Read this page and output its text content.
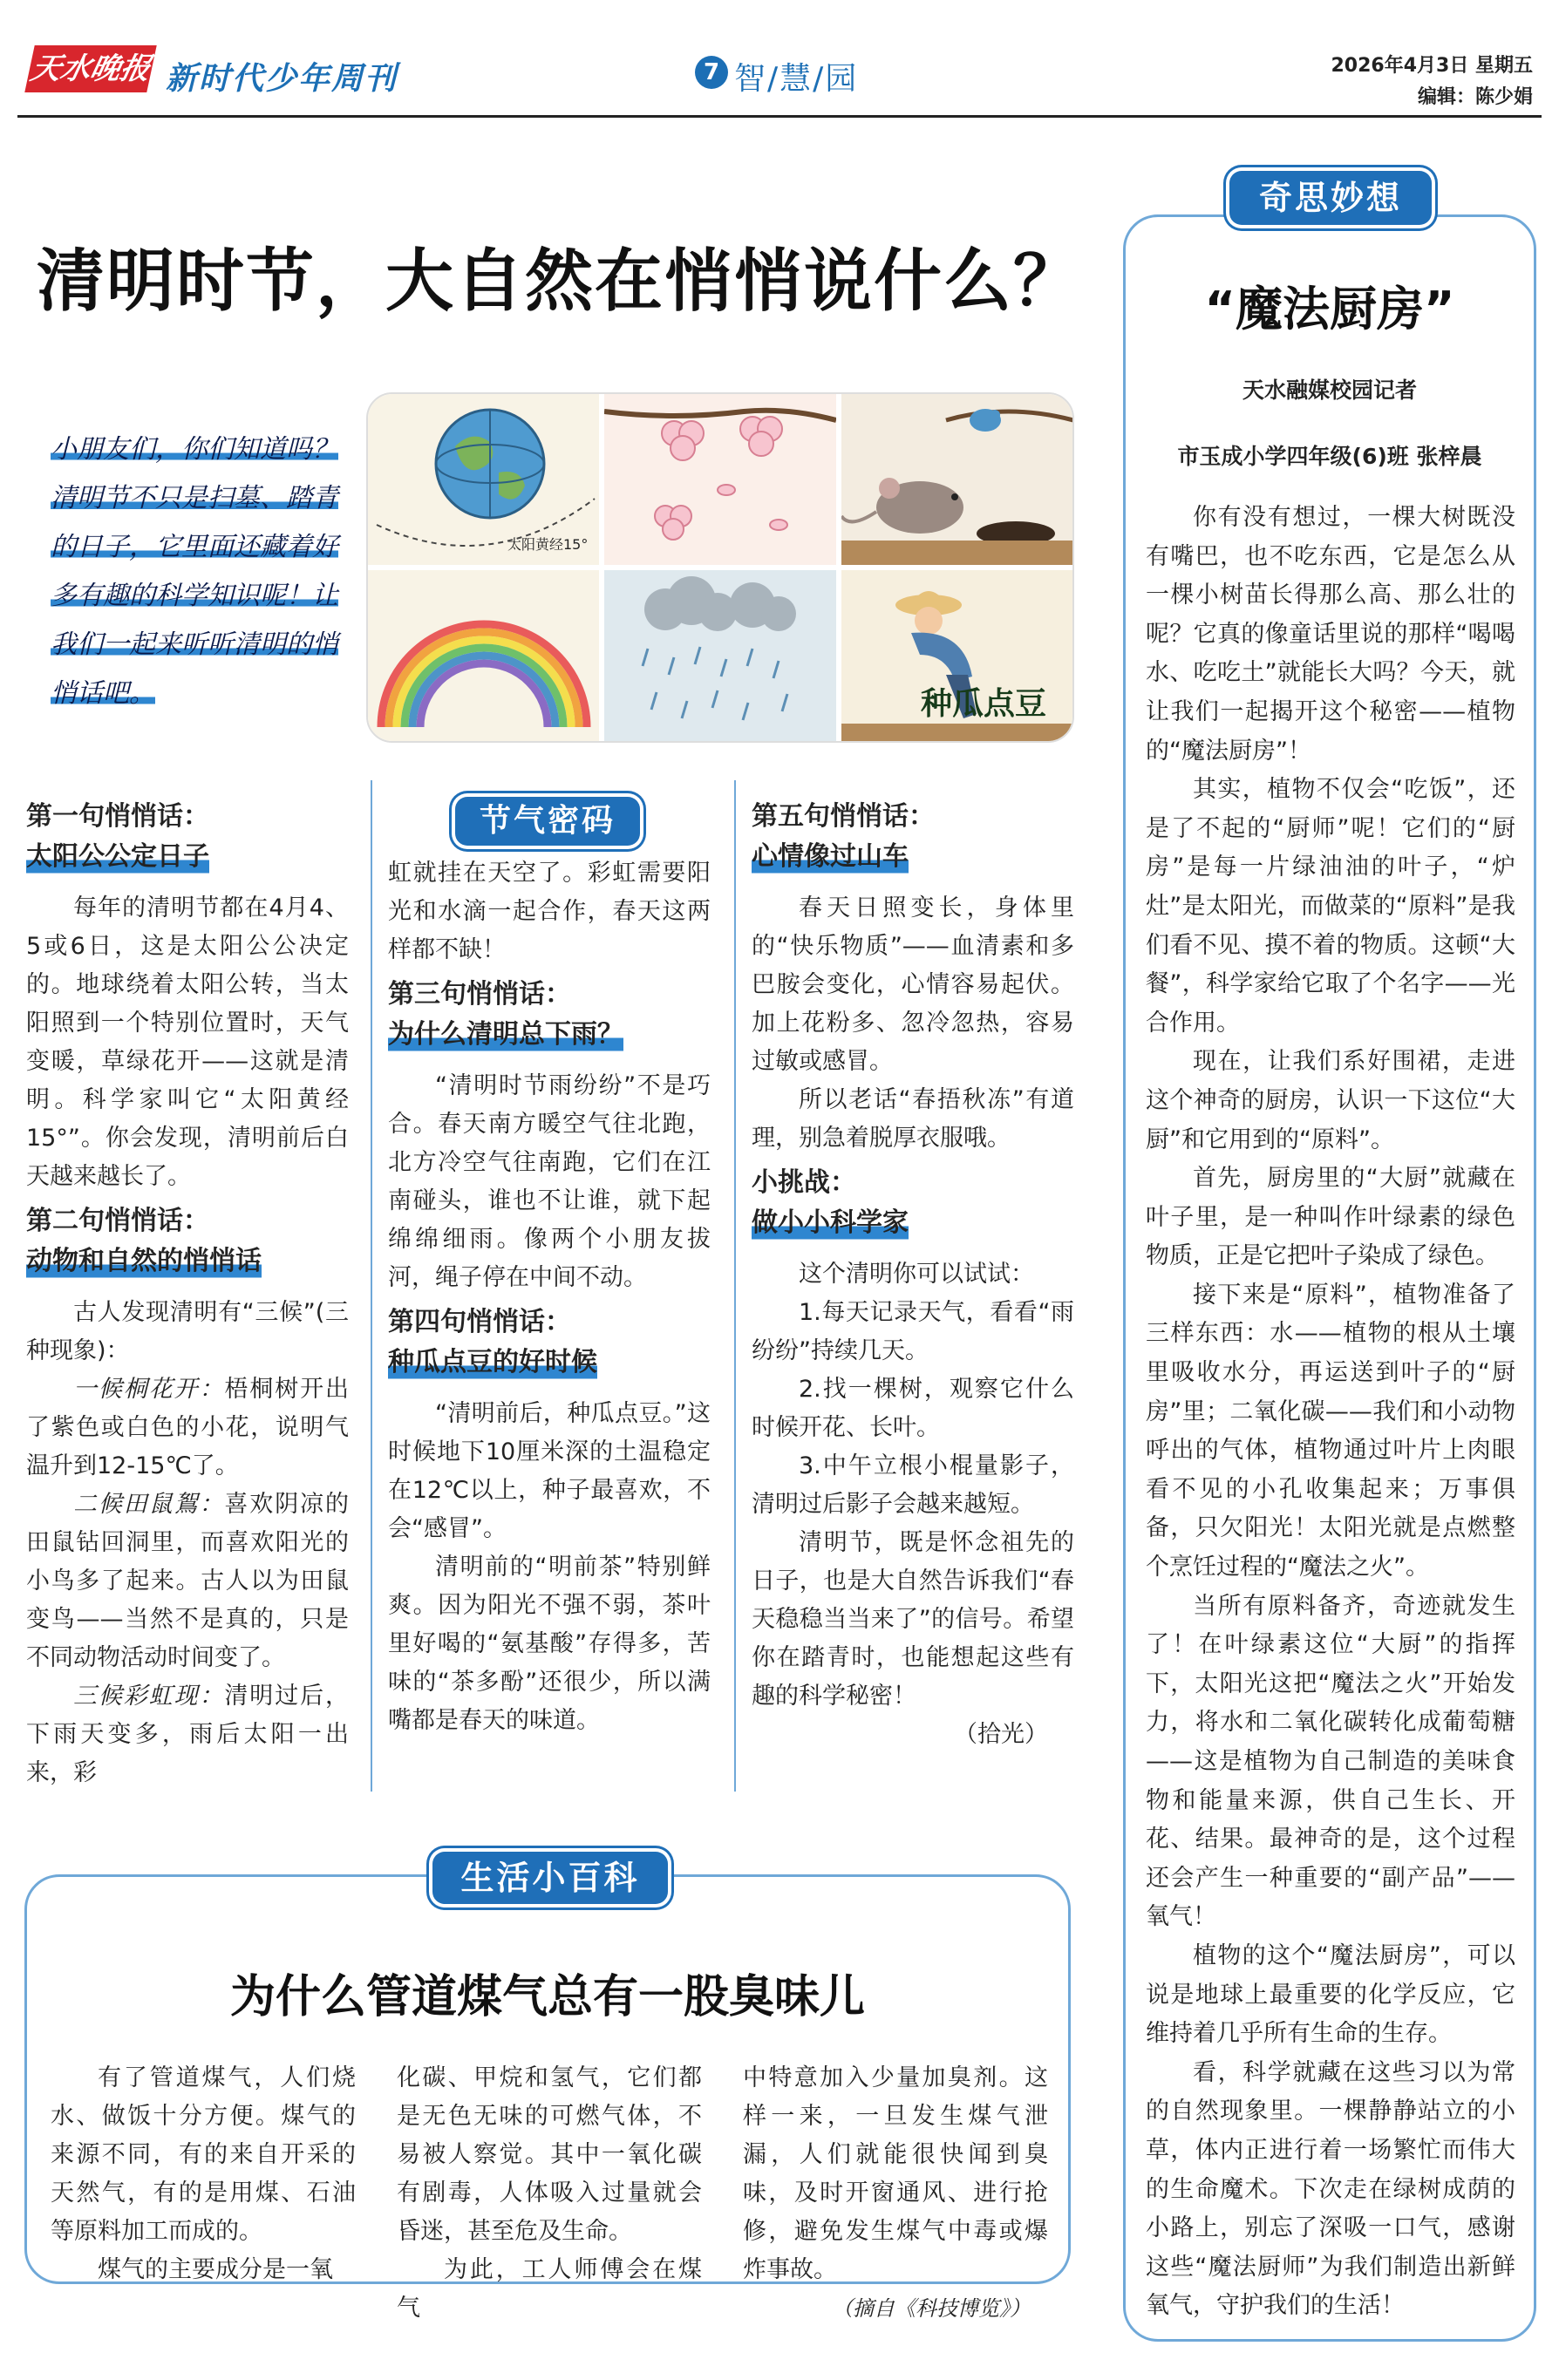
天水晚报 新时代少年周刊	7 智/慧/园	2026年4月3日 星期五
编辑：陈少娟
清明时节，大自然在悄悄说什么？
小朋友们，你们知道吗？清明节不只是扫墓、踏青的日子，它里面还藏着好多有趣的科学知识呢！让我们一起来听听清明的悄悄话吧。
太阳黄经15°
种瓜点豆
节气密码
第一句悄悄话：
太阳公公定日子

每年的清明节都在4月4、5或6日，这是太阳公公决定的。地球绕着太阳公转，当太阳照到一个特别位置时，天气变暖，草绿花开——这就是清明。科学家叫它“太阳黄经15°”。你会发现，清明前后白天越来越长了。

第二句悄悄话：
动物和自然的悄悄话

古人发现清明有“三候”(三种现象)：

一候桐花开：梧桐树开出了紫色或白色的小花，说明气温升到12-15℃了。

二候田鼠鴽：喜欢阴凉的田鼠钻回洞里，而喜欢阳光的小鸟多了起来。古人以为田鼠变鸟——当然不是真的，只是不同动物活动时间变了。

三候彩虹现：清明过后，下雨天变多，雨后太阳一出来，彩

虹就挂在天空了。彩虹需要阳光和水滴一起合作，春天这两样都不缺！

第三句悄悄话：
为什么清明总下雨？

“清明时节雨纷纷”不是巧合。春天南方暖空气往北跑，北方冷空气往南跑，它们在江南碰头，谁也不让谁，就下起绵绵细雨。像两个小朋友拔河，绳子停在中间不动。

第四句悄悄话：
种瓜点豆的好时候

“清明前后，种瓜点豆。”这时候地下10厘米深的土温稳定在12℃以上，种子最喜欢，不会“感冒”。

清明前的“明前茶”特别鲜爽。因为阳光不强不弱，茶叶里好喝的“氨基酸”存得多，苦味的“茶多酚”还很少，所以满嘴都是春天的味道。

第五句悄悄话：
心情像过山车

春天日照变长，身体里的“快乐物质”——血清素和多巴胺会变化，心情容易起伏。加上花粉多、忽冷忽热，容易过敏或感冒。

所以老话“春捂秋冻”有道理，别急着脱厚衣服哦。

小挑战：
做小小科学家

这个清明你可以试试：

1.每天记录天气，看看“雨纷纷”持续几天。

2.找一棵树，观察它什么时候开花、长叶。

3.中午立根小棍量影子，清明过后影子会越来越短。

清明节，既是怀念祖先的日子，也是大自然告诉我们“春天稳稳当当来了”的信号。希望你在踏青时，也能想起这些有趣的科学秘密！

（拾光）

生活小百科
为什么管道煤气总有一股臭味儿

有了管道煤气，人们烧水、做饭十分方便。煤气的来源不同，有的来自开采的天然气，有的是用煤、石油等原料加工而成的。

煤气的主要成分是一氧

化碳、甲烷和氢气，它们都是无色无味的可燃气体，不易被人察觉。其中一氧化碳有剧毒，人体吸入过量就会昏迷，甚至危及生命。

为此，工人师傅会在煤气

中特意加入少量加臭剂。这样一来，一旦发生煤气泄漏，人们就能很快闻到臭味，及时开窗通风、进行抢修，避免发生煤气中毒或爆炸事故。

（摘自《科技博览》）

奇思妙想
“魔法厨房”
天水融媒校园记者
市玉成小学四年级(6)班 张梓晨

你有没有想过，一棵大树既没有嘴巴，也不吃东西，它是怎么从一棵小树苗长得那么高、那么壮的呢？它真的像童话里说的那样“喝喝水、吃吃土”就能长大吗？今天，就让我们一起揭开这个秘密——植物的“魔法厨房”！

其实，植物不仅会“吃饭”，还是了不起的“厨师”呢！它们的“厨房”是每一片绿油油的叶子，“炉灶”是太阳光，而做菜的“原料”是我们看不见、摸不着的物质。这顿“大餐”，科学家给它取了个名字——光合作用。

现在，让我们系好围裙，走进这个神奇的厨房，认识一下这位“大厨”和它用到的“原料”。

首先，厨房里的“大厨”就藏在叶子里，是一种叫作叶绿素的绿色物质，正是它把叶子染成了绿色。

接下来是“原料”，植物准备了三样东西：水——植物的根从土壤里吸收水分，再运送到叶子的“厨房”里；二氧化碳——我们和小动物呼出的气体，植物通过叶片上肉眼看不见的小孔收集起来；万事俱备，只欠阳光！太阳光就是点燃整个烹饪过程的“魔法之火”。

当所有原料备齐，奇迹就发生了！在叶绿素这位“大厨”的指挥下，太阳光这把“魔法之火”开始发力，将水和二氧化碳转化成葡萄糖——这是植物为自己制造的美味食物和能量来源，供自己生长、开花、结果。最神奇的是，这个过程还会产生一种重要的“副产品”——氧气！

植物的这个“魔法厨房”，可以说是地球上最重要的化学反应，它维持着几乎所有生命的生存。

看，科学就藏在这些习以为常的自然现象里。一棵静静站立的小草，体内正进行着一场繁忙而伟大的生命魔术。下次走在绿树成荫的小路上，别忘了深吸一口气，感谢这些“魔法厨师”为我们制造出新鲜氧气，守护我们的生活！
